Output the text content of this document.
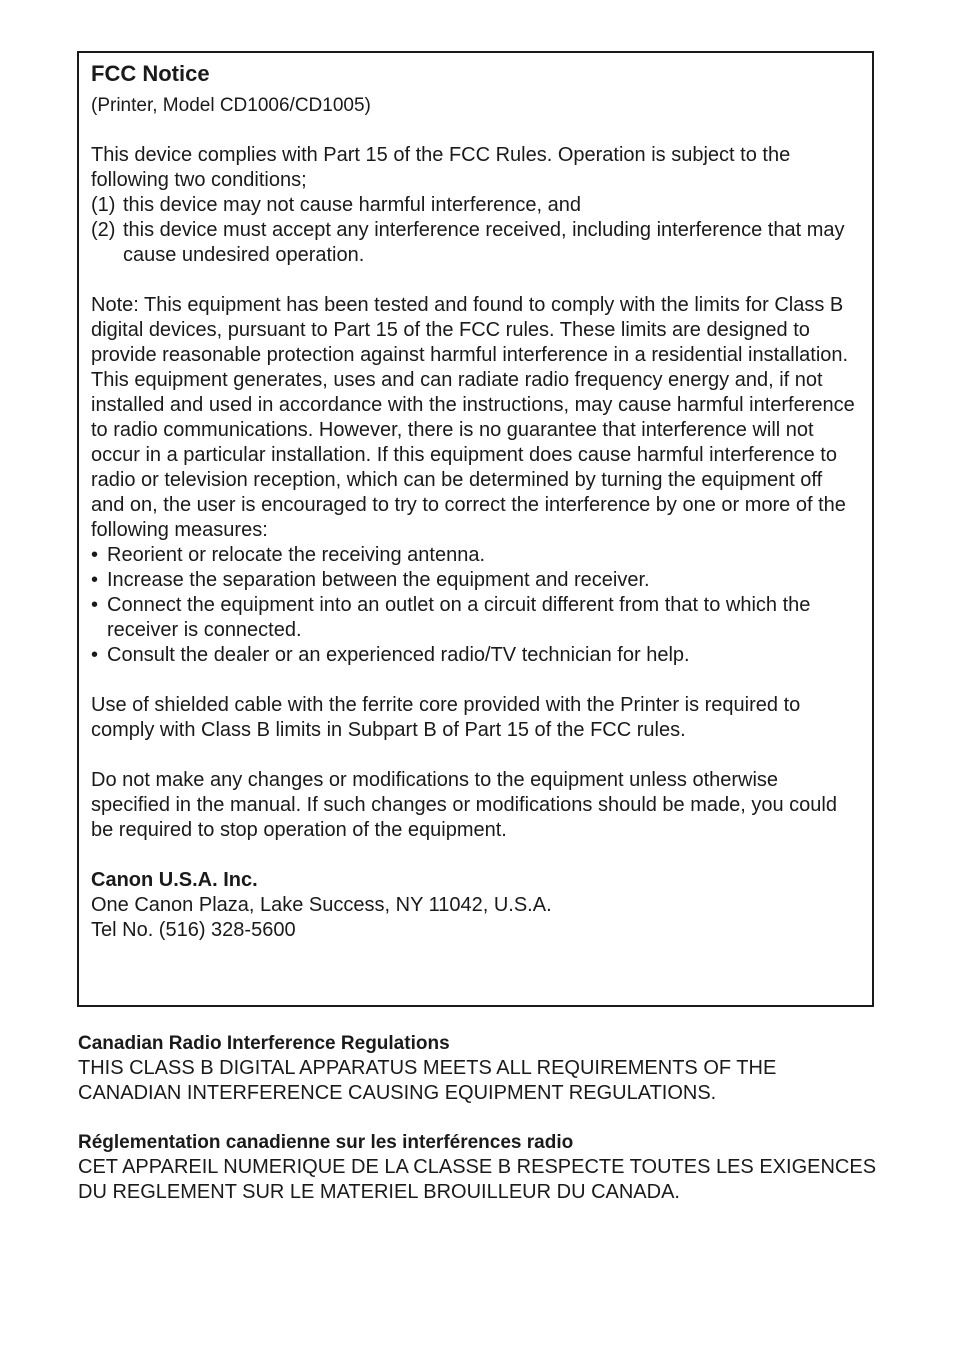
FCC Notice

(Printer, Model CD1006/CD1005)

This device complies with Part 15 of the FCC Rules. Operation is subject to the following two conditions;

(1) this device may not cause harmful interference, and
(2) this device must accept any interference received, including interference that may cause undesired operation.

Note: This equipment has been tested and found to comply with the limits for Class B digital devices, pursuant to Part 15 of the FCC rules. These limits are designed to provide reasonable protection against harmful interference in a residential installation. This equipment generates, uses and can radiate radio frequency energy and, if not installed and used in accordance with the instructions, may cause harmful interference to radio communications. However, there is no guarantee that interference will not occur in a particular installation. If this equipment does cause harmful interference to radio or television reception, which can be determined by turning the equipment off and on, the user is encouraged to try to correct the interference by one or more of the following measures:

• Reorient or relocate the receiving antenna.
• Increase the separation between the equipment and receiver.
• Connect the equipment into an outlet on a circuit different from that to which the receiver is connected.
• Consult the dealer or an experienced radio/TV technician for help.

Use of shielded cable with the ferrite core provided with the Printer is required to comply with Class B limits in Subpart B of Part 15 of the FCC rules.

Do not make any changes or modifications to the equipment unless otherwise specified in the manual. If such changes or modifications should be made, you could be required to stop operation of the equipment.

Canon U.S.A. Inc.

One Canon Plaza, Lake Success, NY 11042, U.S.A.

Tel No. (516) 328-5600

Canadian Radio Interference Regulations

THIS CLASS B DIGITAL APPARATUS MEETS ALL REQUIREMENTS OF THE CANADIAN INTERFERENCE CAUSING EQUIPMENT REGULATIONS.

Réglementation canadienne sur les interférences radio

CET APPAREIL NUMERIQUE DE LA CLASSE B RESPECTE TOUTES LES EXIGENCES DU REGLEMENT SUR LE MATERIEL BROUILLEUR DU CANADA.
